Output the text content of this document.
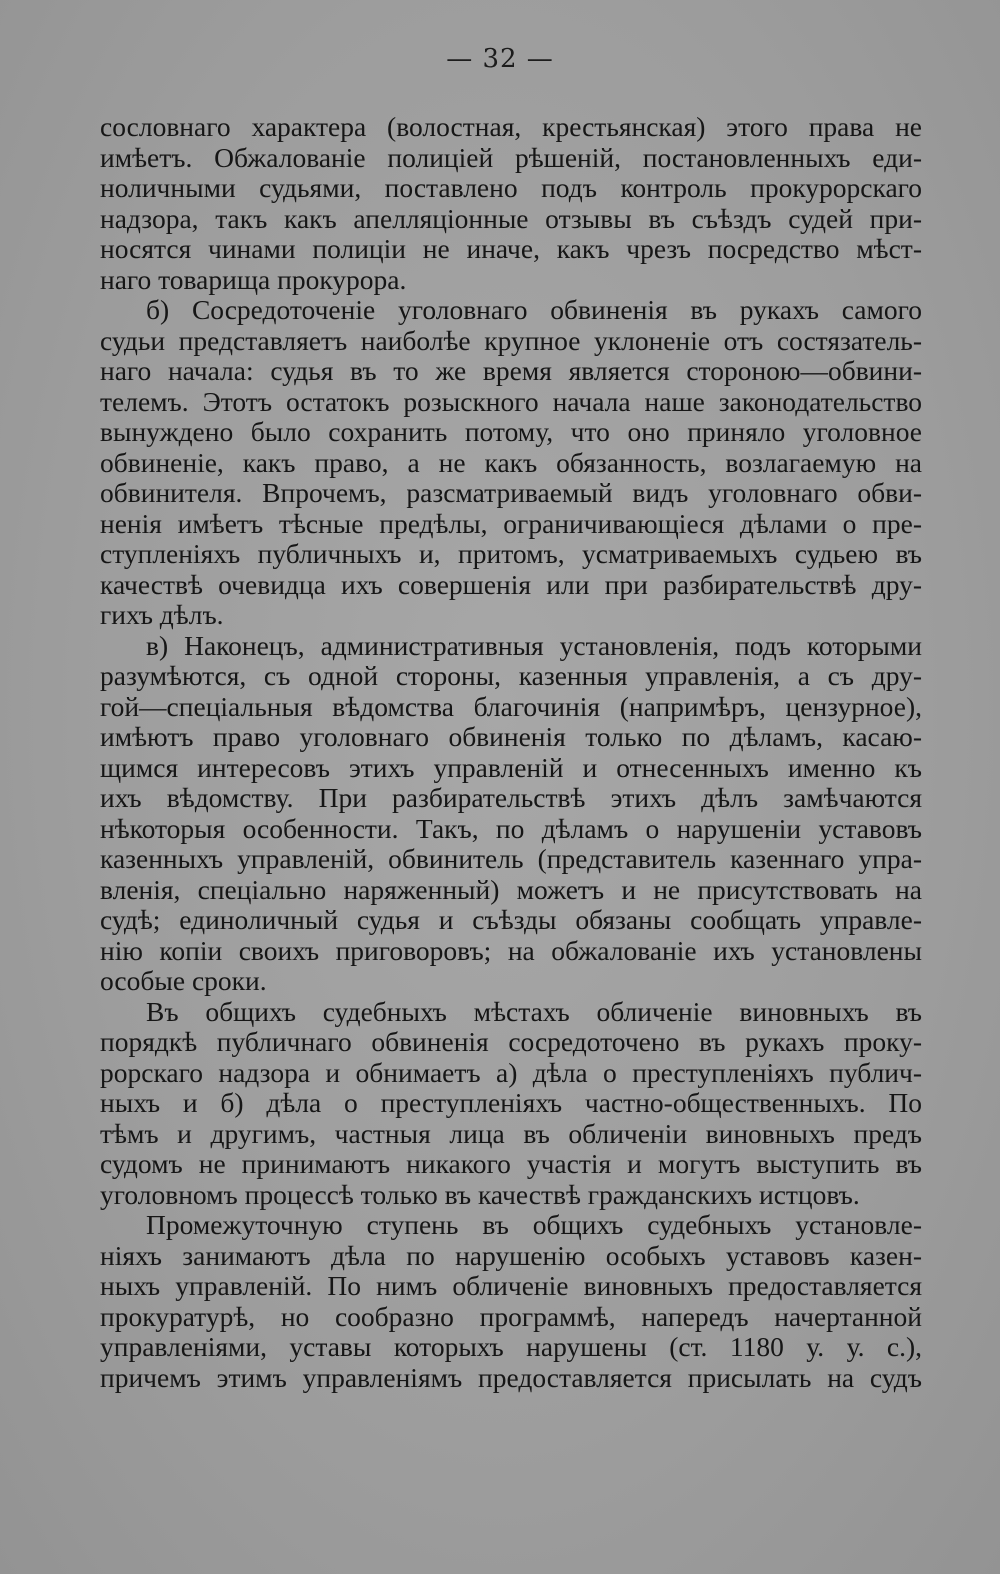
— 32 —
сословнаго характера (волостная, крестьянская) этого права не
имѣетъ. Обжалованіе полиціей рѣшеній, постановленныхъ еди-
ноличными судьями, поставлено подъ контроль прокурорскаго
надзора, такъ какъ апелляціонные отзывы въ съѣздъ судей при-
носятся чинами полиціи не иначе, какъ чрезъ посредство мѣст-
наго товарища прокурора.
б) Сосредоточеніе уголовнаго обвиненія въ рукахъ самого
судьи представляетъ наиболѣе крупное уклоненіе отъ состязатель-
наго начала: судья въ то же время является стороною—обвини-
телемъ. Этотъ остатокъ розыскного начала наше законодательство
вынуждено было сохранить потому, что оно приняло уголовное
обвиненіе, какъ право, а не какъ обязанность, возлагаемую на
обвинителя. Впрочемъ, разсматриваемый видъ уголовнаго обви-
ненія имѣетъ тѣсные предѣлы, ограничивающіеся дѣлами о пре-
ступленіяхъ публичныхъ и, притомъ, усматриваемыхъ судьею въ
качествѣ очевидца ихъ совершенія или при разбирательствѣ дру-
гихъ дѣлъ.
в) Наконецъ, административныя установленія, подъ которыми
разумѣются, съ одной стороны, казенныя управленія, а съ дру-
гой—спеціальныя вѣдомства благочинія (напримѣръ, цензурное),
имѣютъ право уголовнаго обвиненія только по дѣламъ, касаю-
щимся интересовъ этихъ управленій и отнесенныхъ именно къ
ихъ вѣдомству. При разбирательствѣ этихъ дѣлъ замѣчаются
нѣкоторыя особенности. Такъ, по дѣламъ о нарушеніи уставовъ
казенныхъ управленій, обвинитель (представитель казеннаго упра-
вленія, спеціально наряженный) можетъ и не присутствовать на
судѣ; единоличный судья и съѣзды обязаны сообщать управле-
нію копіи своихъ приговоровъ; на обжалованіе ихъ установлены
особые сроки.
Въ общихъ судебныхъ мѣстахъ обличеніе виновныхъ въ
порядкѣ публичнаго обвиненія сосредоточено въ рукахъ проку-
рорскаго надзора и обнимаетъ а) дѣла о преступленіяхъ публич-
ныхъ и б) дѣла о преступленіяхъ частно-общественныхъ. По
тѣмъ и другимъ, частныя лица въ обличеніи виновныхъ предъ
судомъ не принимаютъ никакого участія и могутъ выступить въ
уголовномъ процессѣ только въ качествѣ гражданскихъ истцовъ.
Промежуточную ступень въ общихъ судебныхъ установле-
ніяхъ занимаютъ дѣла по нарушенію особыхъ уставовъ казен-
ныхъ управленій. По нимъ обличеніе виновныхъ предоставляется
прокуратурѣ, но сообразно программѣ, напередъ начертанной
управленіями, уставы которыхъ нарушены (ст. 1180 у. у. с.),
причемъ этимъ управленіямъ предоставляется присылать на судъ
